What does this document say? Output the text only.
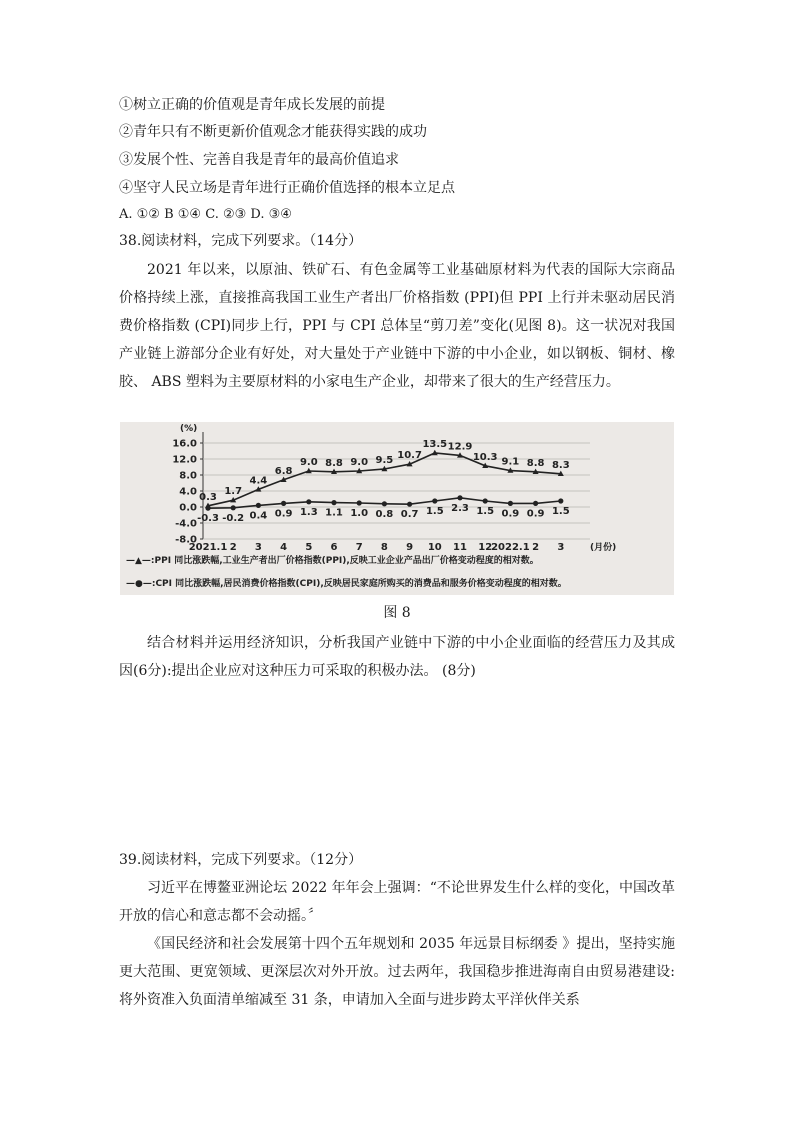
①树立正确的价值观是青年成长发展的前提
②青年只有不断更新价值观念才能获得实践的成功
③发展个性、完善自我是青年的最高价值追求
④坚守人民立场是青年进行正确价值选择的根本立足点
A. ①② B ①④ C. ②③ D. ③④
38.阅读材料，完成下列要求。（14分）
2021 年以来，以原油、铁矿石、有色金属等工业基础原材料为代表的国际大宗商品价格持续上涨，直接推高我国工业生产者出厂价格指数 (PPI)但 PPI 上行并未驱动居民消费价格指数 (CPI)同步上行，PPI 与 CPI 总体呈“剪刀差”变化(见图 8)。这一状况对我国产业链上游部分企业有好处，对大量处于产业链中下游的中小企业，如以钢板、铜材、橡胶、 ABS 塑料为主要原材料的小家电生产企业，却带来了很大的生产经营压力。
(%)
16.0
12.0
8.0
4.0
0.0
-4.0
-8.0
2021.1 2 3 4 5 6 7 8 9 10 11 12
2022.1 2 3	(月份)
0.3
1.7
4.4
6.8
9.0 8.8 9.0 9.5 10.7
13.5 12.9
10.3 9.1 8.8 8.3
-0.3 -0.2 0.4 0.9 1.3 1.1 1.0 0.8 0.7 1.5 2.3 1.5 0.9 0.9 1.5
—▲—:PPI 同比涨跌幅,工业生产者出厂价格指数(PPI),反映工业企业产品出厂价格变动程度的相对数。
—●—:CPI 同比涨跌幅,居民消费价格指数(CPI),反映居民家庭所购买的消费品和服务价格变动程度的相对数。
图 8
结合材料并运用经济知识，分析我国产业链中下游的中小企业面临的经营压力及其成因(6分):提出企业应对这种压力可采取的积极办法。 (8分)
39.阅读材料，完成下列要求。（12分）
习近平在博鳌亚洲论坛 2022 年年会上强调：“不论世界发生什么样的变化，中国改革开放的信心和意志都不会动摇。〞
《国民经济和社会发展第十四个五年规划和 2035 年远景目标纲委 》提出，坚持实施更大范围、更宽领域、更深层次对外开放。过去两年，我国稳步推进海南自由贸易港建设:将外资准入负面清单缩减至 31 条，申请加入全面与进步跨太平洋伙伴关系
